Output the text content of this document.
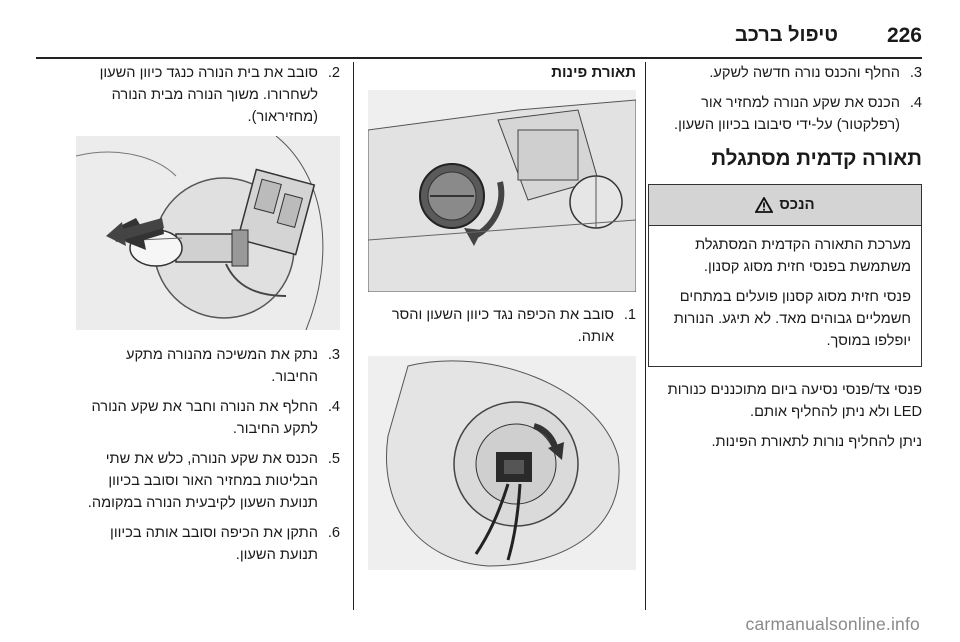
226
טיפול ברכב
.3
החלף והכנס נורה חדשה לשקע.
.4
הכנס את שקע הנורה למחזיר אור (רפלקטור) על-ידי סיבובו בכיוון השעון.
תאורה קדמית מסתגלת
הנכס

מערכת התאורה הקדמית המסתגלת משתמשת בפנסי חזית מסוג קסנון.

פנסי חזית מסוג קסנון פועלים במתחים חשמליים גבוהים מאד. לא תיגע. הנורות יופלפו במוסך.

פנסי צד/פנסי נסיעה ביום מתוכננים כנורות LED ולא ניתן להחליף אותם.

ניתן להחליף נורות לתאורת הפינות.

תאורת פינות
.1
סובב את הכיפה נגד כיוון השעון והסר אותה.
.2
סובב את בית הנורה כנגד כיוון השעון לשחרורו. משוך הנורה מבית הנורה (מחזיראור).
.3
נתק את המשיכה מהנורה מתקע החיבור.
.4
החלף את הנורה וחבר את שקע הנורה לתקע החיבור.
.5
הכנס את שקע הנורה, כלש את שתי הבליטות במחזיר האור וסובב בכיוון תנועת השעון לקיבעית הנורה במקומה.
.6
התקן את הכיפה וסובב אותה בכיוון תנועת השעון.
carmanualsonline.info
